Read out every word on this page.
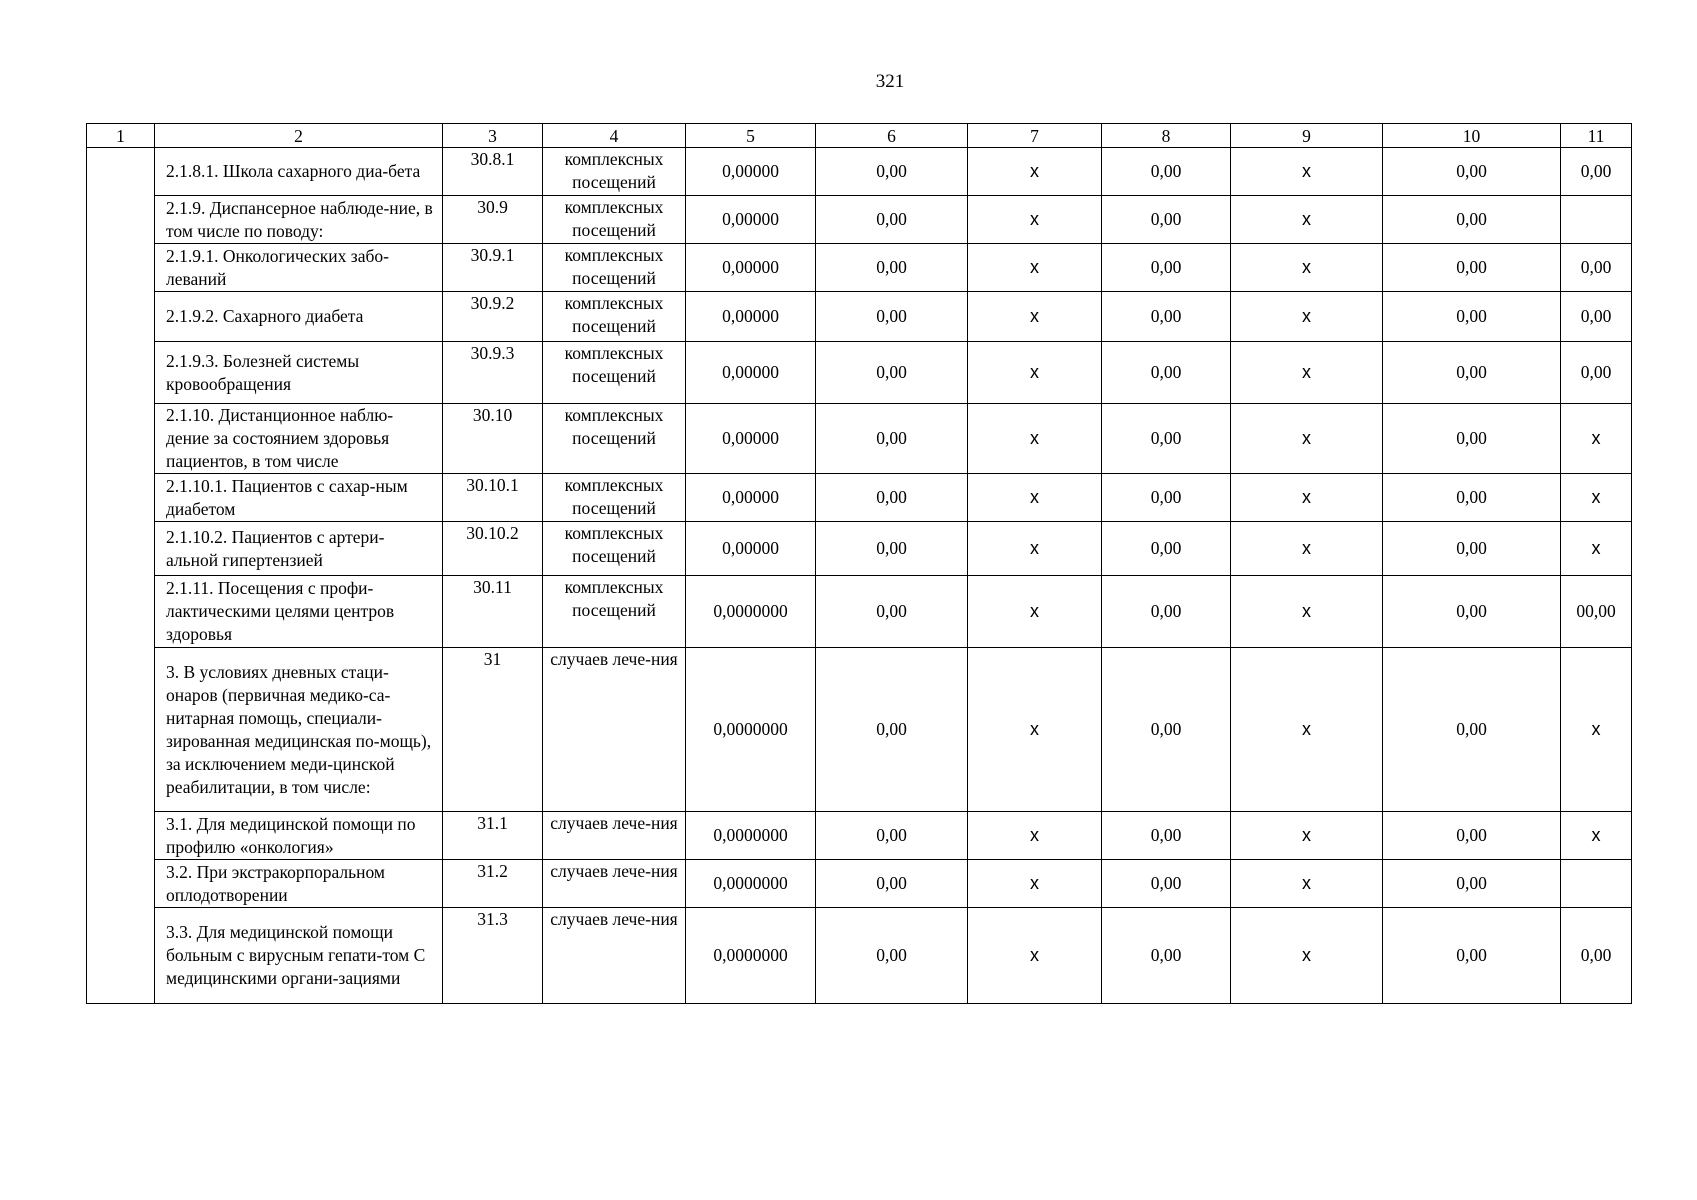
321
1	2	3	4	5	6	7	8	9	10	11
	2.1.8.1. Школа сахарного диа-бета	30.8.1	комплексных посещений	0,00000	0,00	x	0,00	x	0,00	0,00
	2.1.9. Диспансерное наблюде-ние, в том числе по поводу:	30.9	комплексных посещений	0,00000	0,00	x	0,00	x	0,00	
	2.1.9.1. Онкологических забо-леваний	30.9.1	комплексных посещений	0,00000	0,00	x	0,00	x	0,00	0,00
	2.1.9.2. Сахарного диабета	30.9.2	комплексных посещений	0,00000	0,00	x	0,00	x	0,00	0,00
	2.1.9.3. Болезней системы кровообращения	30.9.3	комплексных посещений	0,00000	0,00	x	0,00	x	0,00	0,00
	2.1.10. Дистанционное наблю-дение за состоянием здоровья пациентов, в том числе	30.10	комплексных посещений	0,00000	0,00	x	0,00	x	0,00	x
	2.1.10.1. Пациентов с сахар-ным диабетом	30.10.1	комплексных посещений	0,00000	0,00	x	0,00	x	0,00	x
	2.1.10.2. Пациентов с артери-альной гипертензией	30.10.2	комплексных посещений	0,00000	0,00	x	0,00	x	0,00	x
	2.1.11. Посещения с профи-лактическими целями центров здоровья	30.11	комплексных посещений	0,0000000	0,00	x	0,00	x	0,00	00,00
	3. В условиях дневных стаци-онаров (первичная медико-са-нитарная помощь, специали-зированная медицинская по-мощь), за исключением меди-цинской реабилитации, в том числе:	31	случаев лече-ния	0,0000000	0,00	x	0,00	x	0,00	x
	3.1. Для медицинской помощи по профилю «онкология»	31.1	случаев лече-ния	0,0000000	0,00	x	0,00	x	0,00	x
	3.2. При экстракорпоральном оплодотворении	31.2	случаев лече-ния	0,0000000	0,00	x	0,00	x	0,00	
	3.3. Для медицинской помощи больным с вирусным гепати-том С медицинскими органи-зациями	31.3	случаев лече-ния	0,0000000	0,00	x	0,00	x	0,00	0,00
